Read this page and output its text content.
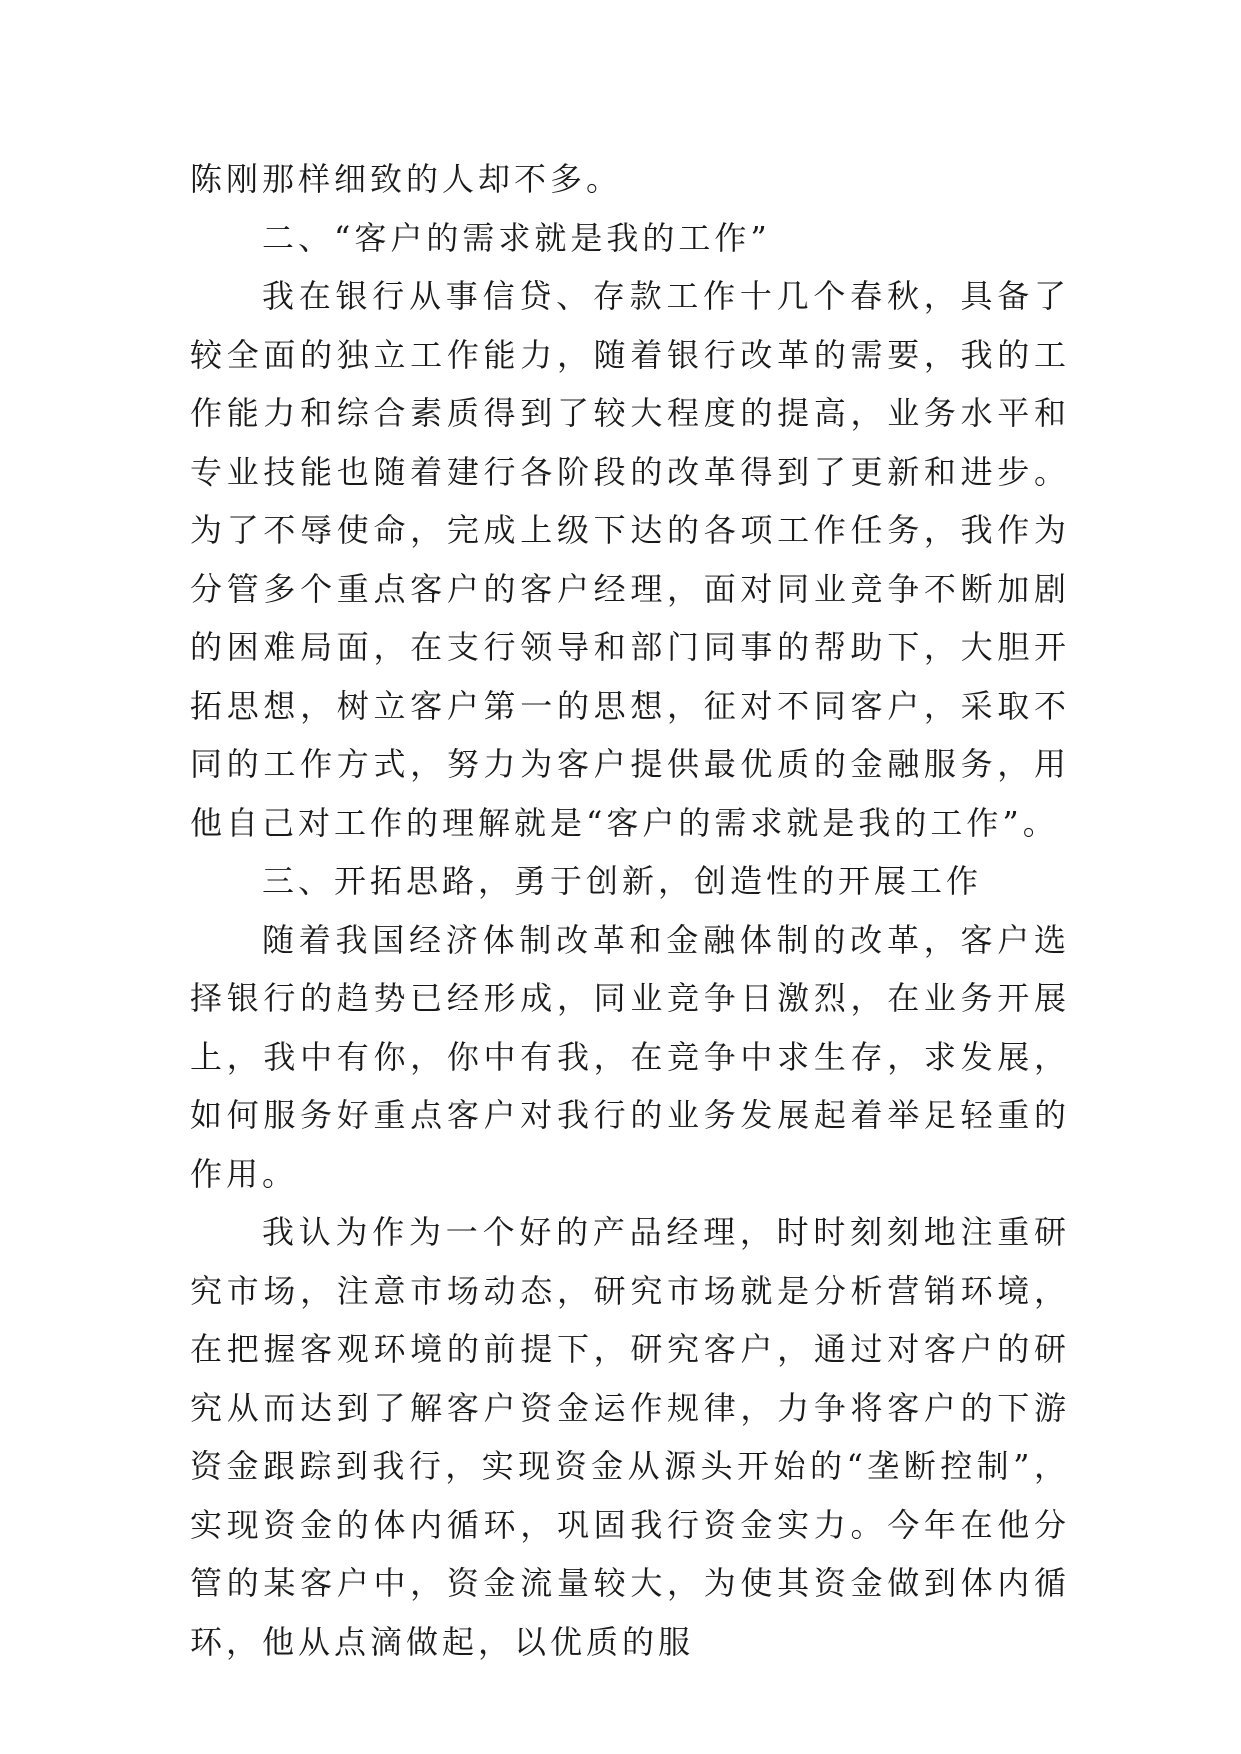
陈刚那样细致的人却不多。

二、“客户的需求就是我的工作”

我在银行从事信贷、存款工作十几个春秋，具备了较全面的独立工作能力，随着银行改革的需要，我的工作能力和综合素质得到了较大程度的提高，业务水平和专业技能也随着建行各阶段的改革得到了更新和进步。为了不辱使命，完成上级下达的各项工作任务，我作为分管多个重点客户的客户经理，面对同业竞争不断加剧的困难局面，在支行领导和部门同事的帮助下，大胆开拓思想，树立客户第一的思想，征对不同客户，采取不同的工作方式，努力为客户提供最优质的金融服务，用他自己对工作的理解就是“客户的需求就是我的工作”。

三、开拓思路，勇于创新，创造性的开展工作

随着我国经济体制改革和金融体制的改革，客户选择银行的趋势已经形成，同业竞争日激烈，在业务开展上，我中有你，你中有我，在竞争中求生存，求发展，如何服务好重点客户对我行的业务发展起着举足轻重的作用。

我认为作为一个好的产品经理，时时刻刻地注重研究市场，注意市场动态，研究市场就是分析营销环境，在把握客观环境的前提下，研究客户，通过对客户的研究从而达到了解客户资金运作规律，力争将客户的下游资金跟踪到我行，实现资金从源头开始的“垄断控制”，实现资金的体内循环，巩固我行资金实力。今年在他分管的某客户中，资金流量较大，为使其资金做到体内循环，他从点滴做起，以优质的服
